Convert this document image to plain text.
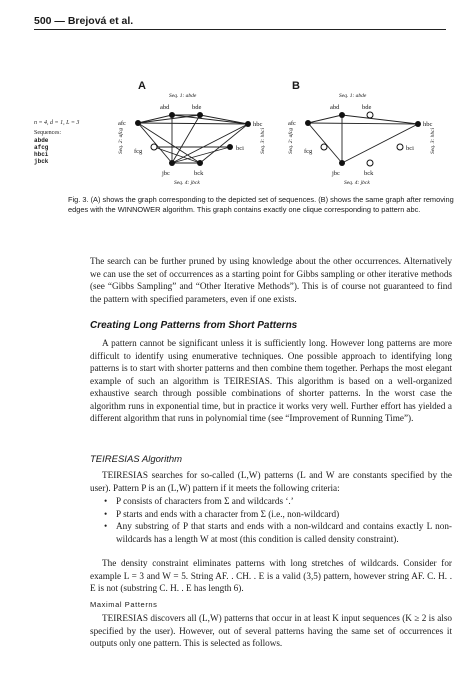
500 — Brejová et al.
A	B
n = 4, d = 1, L = 3
Sequences:
abde
afcg
hbci
jbck
Seq. 1: abde
abd	bde
afc	hbc
fcg	bci
jbc	bck
Seq. 4: jbck
Seq. 2: afcg	Seq. 3: hbci
Seq. 1: abde
abd	bde
afc	hbc
fcg	bci
jbc	bck
Seq. 4: jbck
Seq. 2: afcg	Seq. 3: hbci
Fig. 3. (A) shows the graph corresponding to the depicted set of sequences. (B) shows the same graph after removing edges with the WINNOWER algorithm. This graph contains exactly one clique corresponding to pattern abc.

The search can be further pruned by using knowledge about the other occurrences. Alternatively we can use the set of occurrences as a starting point for Gibbs sampling or other iterative methods (see “Gibbs Sampling” and “Other Iterative Methods”). This is of course not guaranteed to find the pattern with specified parameters, even if one exists.

Creating Long Patterns from Short Patterns

A pattern cannot be significant unless it is sufficiently long. However long patterns are more difficult to identify using enumerative techniques. One possible approach to identifying long patterns is to start with shorter patterns and then combine them together. Perhaps the most elegant example of such an algorithm is TEIRESIAS. This algorithm is based on a well-organized exhaustive search through possible combinations of shorter patterns. In the worst case the algorithm runs in exponential time, but in practice it works very well. Further effort has yielded a different algorithm that runs in polynomial time (see “Improvement of Running Time”).

TEIRESIAS Algorithm

TEIRESIAS searches for so-called (L,W) patterns (L and W are constants specified by the user). Pattern P is an (L,W) pattern if it meets the following criteria:

• P consists of characters from Σ and wildcards ‘.’
• P starts and ends with a character from Σ (i.e., non-wildcard)
• Any substring of P that starts and ends with a non-wildcard and contains exactly L non-wildcards has a length W at most (this condition is called density constraint).

The density constraint eliminates patterns with long stretches of wildcards. Consider for example L = 3 and W = 5. String AF. . CH. . E is a valid (3,5) pattern, however string AF. C. H. . E is not (substring C. H. . E has length 6).

Maximal Patterns

TEIRESIAS discovers all (L,W) patterns that occur in at least K input sequences (K ≥ 2 is also specified by the user). However, out of several patterns having the same set of occurrences it outputs only one pattern. This is selected as follows.
